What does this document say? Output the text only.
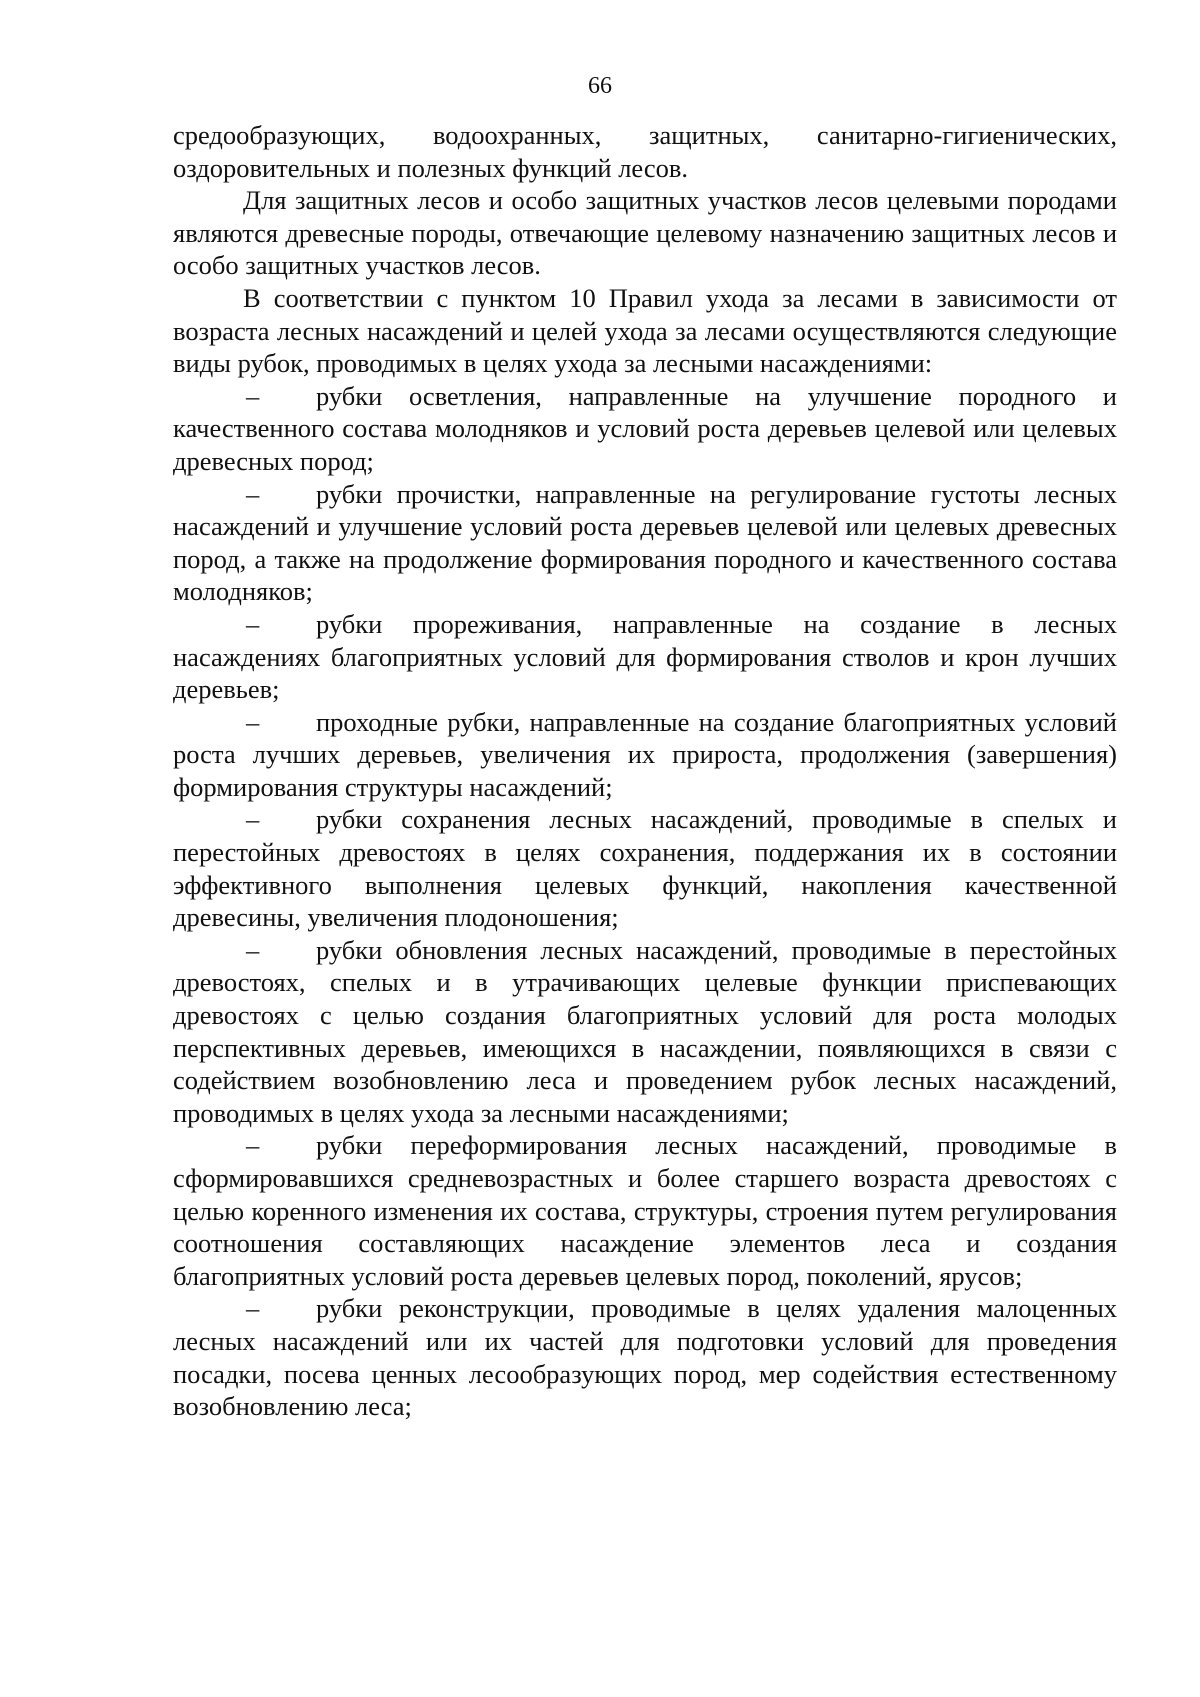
66

средообразующих, водоохранных, защитных, санитарно-гигиенических, оздоровительных и полезных функций лесов.

Для защитных лесов и особо защитных участков лесов целевыми породами являются древесные породы, отвечающие целевому назначению защитных лесов и особо защитных участков лесов.

В соответствии с пунктом 10 Правил ухода за лесами в зависимости от возраста лесных насаждений и целей ухода за лесами осуществляются следующие виды рубок, проводимых в целях ухода за лесными насаждениями:

– рубки осветления, направленные на улучшение породного и качественного состава молодняков и условий роста деревьев целевой или целевых древесных пород;

– рубки прочистки, направленные на регулирование густоты лесных насаждений и улучшение условий роста деревьев целевой или целевых древесных пород, а также на продолжение формирования породного и качественного состава молодняков;

– рубки прореживания, направленные на создание в лесных насаждениях благоприятных условий для формирования стволов и крон лучших деревьев;

– проходные рубки, направленные на создание благоприятных условий роста лучших деревьев, увеличения их прироста, продолжения (завершения) формирования структуры насаждений;

– рубки сохранения лесных насаждений, проводимые в спелых и перестойных древостоях в целях сохранения, поддержания их в состоянии эффективного выполнения целевых функций, накопления качественной древесины, увеличения плодоношения;

– рубки обновления лесных насаждений, проводимые в перестойных древостоях, спелых и в утрачивающих целевые функции приспевающих древостоях с целью создания благоприятных условий для роста молодых перспективных деревьев, имеющихся в насаждении, появляющихся в связи с содействием возобновлению леса и проведением рубок лесных насаждений, проводимых в целях ухода за лесными насаждениями;

– рубки переформирования лесных насаждений, проводимые в сформировавшихся средневозрастных и более старшего возраста древостоях с целью коренного изменения их состава, структуры, строения путем регулирования соотношения составляющих насаждение элементов леса и создания благоприятных условий роста деревьев целевых пород, поколений, ярусов;

– рубки реконструкции, проводимые в целях удаления малоценных лесных насаждений или их частей для подготовки условий для проведения посадки, посева ценных лесообразующих пород, мер содействия естественному возобновлению леса;
